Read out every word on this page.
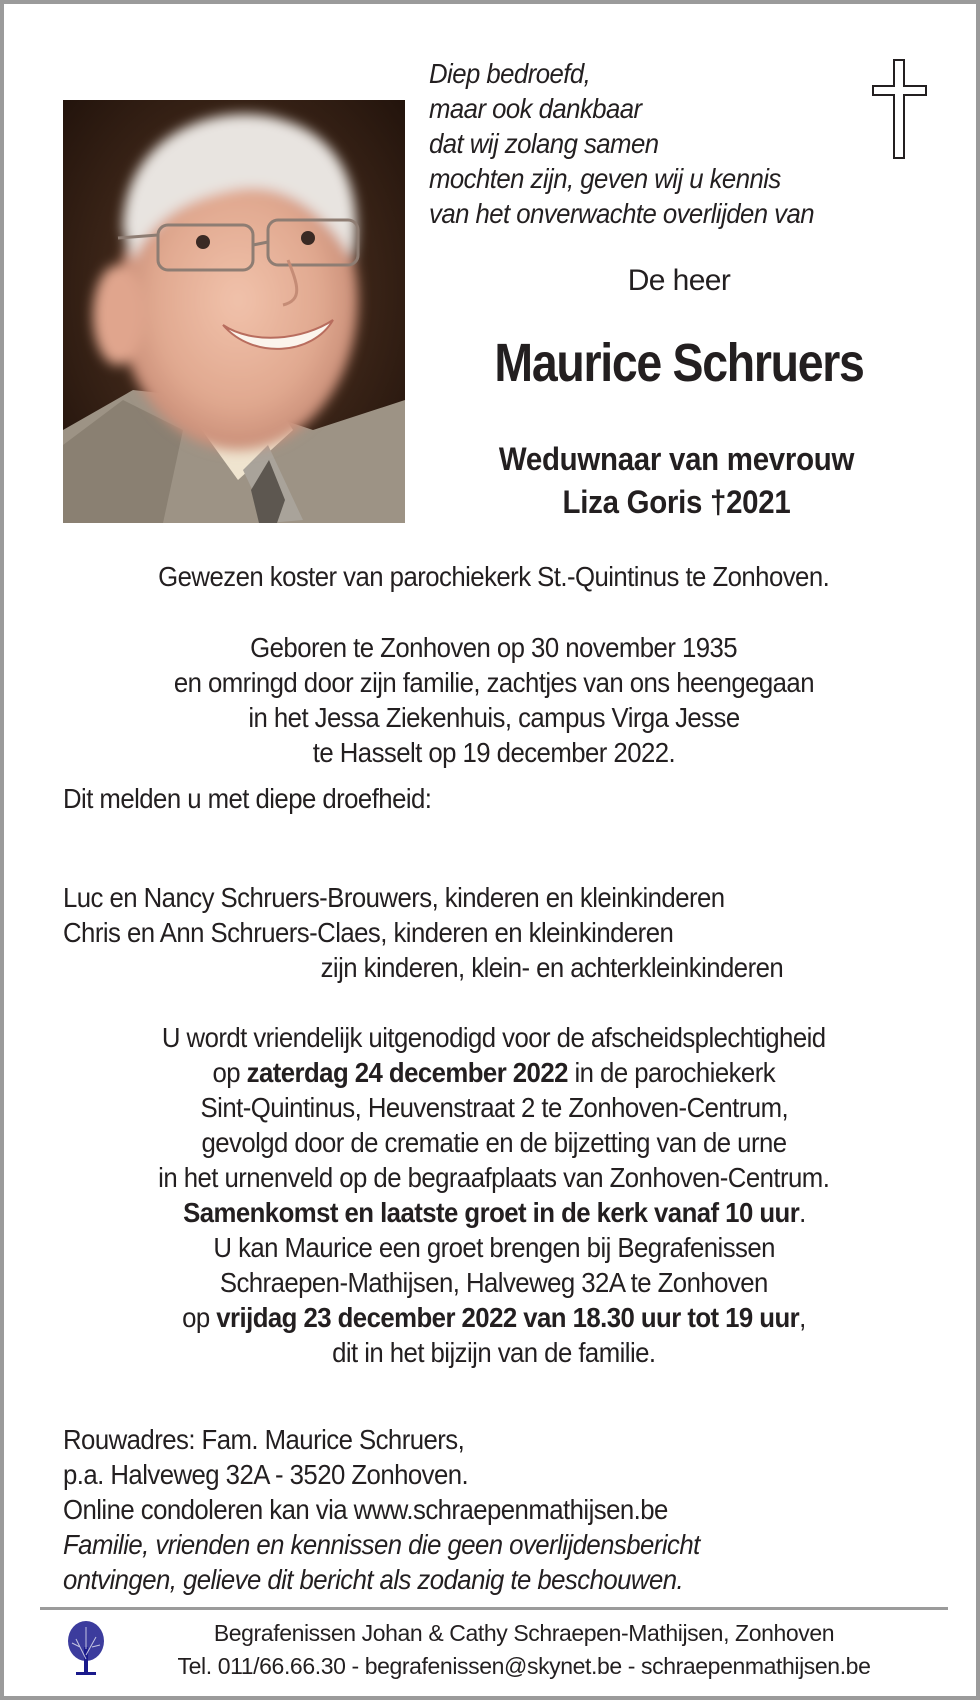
Diep bedroefd,
maar ook dankbaar
dat wij zolang samen
mochten zijn, geven wij u kennis
van het onverwachte overlijden van
De heer
Maurice Schruers
Weduwnaar van mevrouw
Liza Goris †2021
Gewezen koster van parochiekerk St.-Quintinus te Zonhoven.
Geboren te Zonhoven op 30 november 1935
en omringd door zijn familie, zachtjes van ons heengegaan
in het Jessa Ziekenhuis, campus Virga Jesse
te Hasselt op 19 december 2022.
Dit melden u met diepe droefheid:
Luc en Nancy Schruers-Brouwers, kinderen en kleinkinderen
Chris en Ann Schruers-Claes, kinderen en kleinkinderen
zijn kinderen, klein- en achterkleinkinderen
U wordt vriendelijk uitgenodigd voor de afscheidsplechtigheid
op zaterdag 24 december 2022 in de parochiekerk
Sint-Quintinus, Heuvenstraat 2 te Zonhoven-Centrum,
gevolgd door de crematie en de bijzetting van de urne
in het urnenveld op de begraafplaats van Zonhoven-Centrum.
Samenkomst en laatste groet in de kerk vanaf 10 uur.
U kan Maurice een groet brengen bij Begrafenissen
Schraepen-Mathijsen, Halveweg 32A te Zonhoven
op vrijdag 23 december 2022 van 18.30 uur tot 19 uur,
dit in het bijzijn van de familie.
Rouwadres: Fam. Maurice Schruers,
p.a. Halveweg 32A - 3520 Zonhoven.
Online condoleren kan via www.schraepenmathijsen.be
Familie, vrienden en kennissen die geen overlijdensbericht
ontvingen, gelieve dit bericht als zodanig te beschouwen.
Begrafenissen Johan & Cathy Schraepen-Mathijsen, Zonhoven
Tel. 011/66.66.30 - begrafenissen@skynet.be - schraepenmathijsen.be
